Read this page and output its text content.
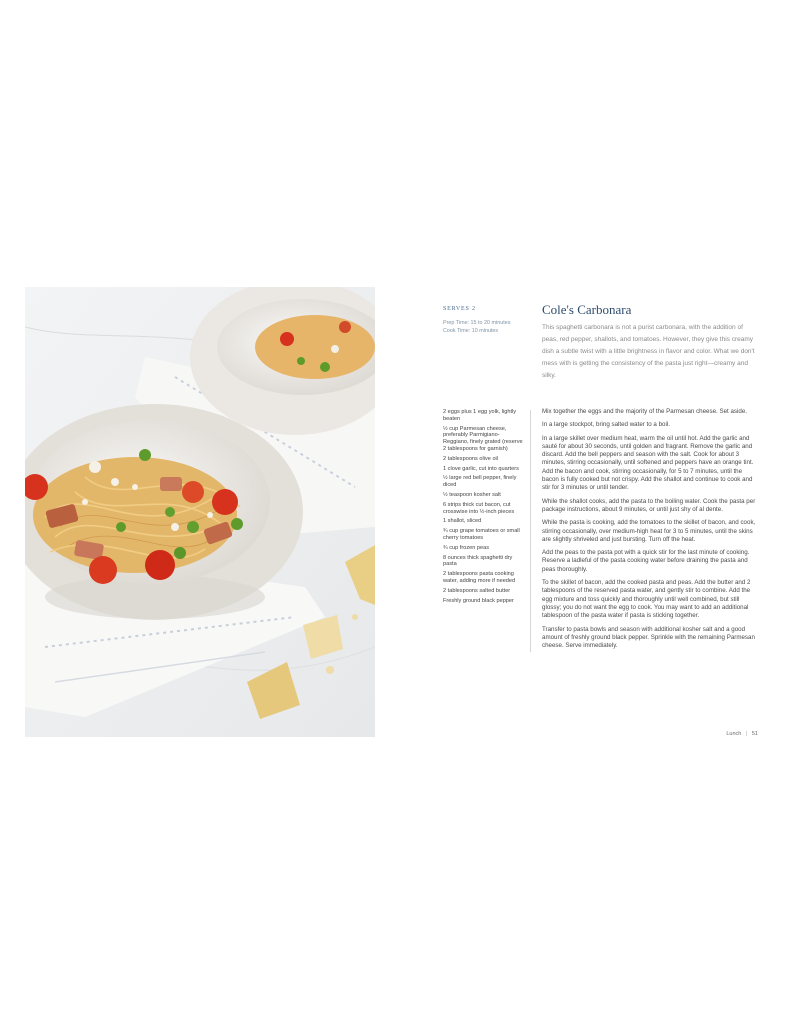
SERVES 2
Prep Time: 15 to 20 minutes
Cook Time: 10 minutes
Cole's Carbonara

This spaghetti carbonara is not a purist carbonara, with the addition of peas, red pepper, shallots, and tomatoes. However, they give this creamy dish a subtle twist with a little brightness in flavor and color. What we don't mess with is getting the consistency of the pasta just right—creamy and silky.

2 eggs plus 1 egg yolk, lightly beaten
½ cup Parmesan cheese, preferably Parmigiano-Reggiano, finely grated (reserve 2 tablespoons for garnish)
2 tablespoons olive oil
1 clove garlic, cut into quarters
½ large red bell pepper, finely diced
½ teaspoon kosher salt
6 strips thick cut bacon, cut crosswise into ½-inch pieces
1 shallot, sliced
¾ cup grape tomatoes or small cherry tomatoes
¾ cup frozen peas
8 ounces thick spaghetti dry pasta
2 tablespoons pasta cooking water, adding more if needed
2 tablespoons salted butter
Freshly ground black pepper

Mix together the eggs and the majority of the Parmesan cheese. Set aside.

In a large stockpot, bring salted water to a boil.

In a large skillet over medium heat, warm the oil until hot. Add the garlic and sauté for about 30 seconds, until golden and fragrant. Remove the garlic and discard. Add the bell peppers and season with the salt. Cook for about 3 minutes, stirring occasionally, until softened and peppers have an orange tint. Add the bacon and cook, stirring occasionally, for 5 to 7 minutes, until the bacon is fully cooked but not crispy. Add the shallot and continue to cook and stir for 3 minutes or until tender.

While the shallot cooks, add the pasta to the boiling water. Cook the pasta per package instructions, about 9 minutes, or until just shy of al dente.

While the pasta is cooking, add the tomatoes to the skillet of bacon, and cook, stirring occasionally, over medium-high heat for 3 to 5 minutes, until the skins are slightly shriveled and just bursting. Turn off the heat.

Add the peas to the pasta pot with a quick stir for the last minute of cooking. Reserve a ladleful of the pasta cooking water before draining the pasta and peas thoroughly.

To the skillet of bacon, add the cooked pasta and peas. Add the butter and 2 tablespoons of the reserved pasta water, and gently stir to combine. Add the egg mixture and toss quickly and thoroughly until well combined, but still glossy; you do not want the egg to cook. You may want to add an additional tablespoon of the pasta water if pasta is sticking together.

Transfer to pasta bowls and season with additional kosher salt and a good amount of freshly ground black pepper. Sprinkle with the remaining Parmesan cheese. Serve immediately.

Lunch | 51
